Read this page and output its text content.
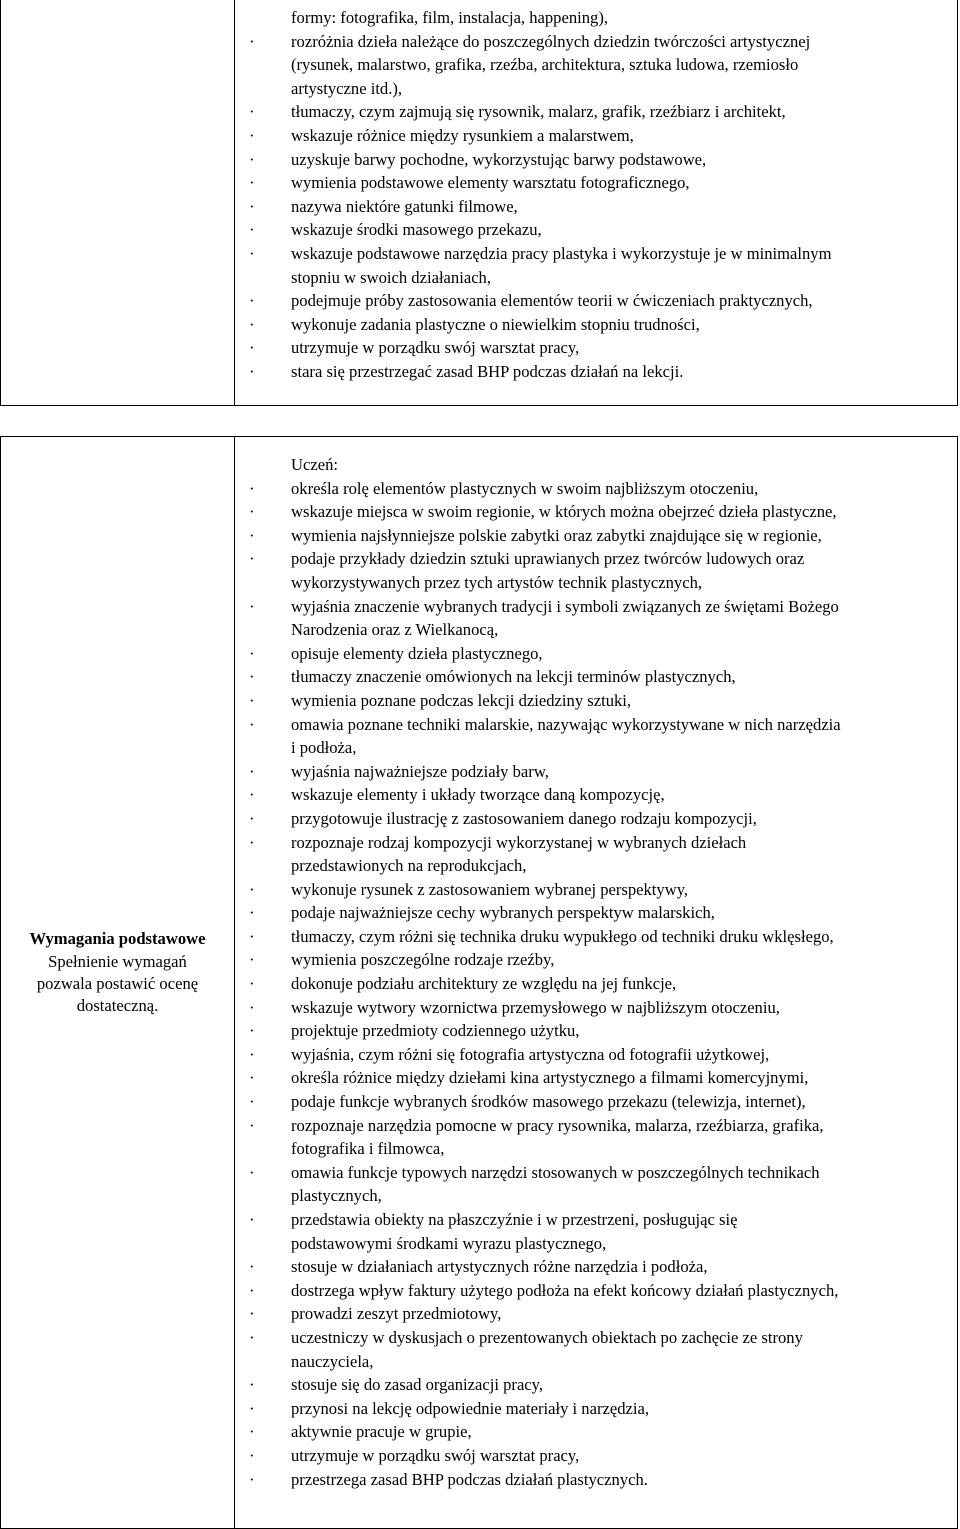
formy: fotografika, film, instalacja, happening),
· rozróżnia dzieła należące do poszczególnych dziedzin twórczości artystycznej
(rysunek, malarstwo, grafika, rzeźba, architektura, sztuka ludowa, rzemiosło
artystyczne itd.),
· tłumaczy, czym zajmują się rysownik, malarz, grafik, rzeźbiarz i architekt,
· wskazuje różnice między rysunkiem a malarstwem,
· uzyskuje barwy pochodne, wykorzystując barwy podstawowe,
· wymienia podstawowe elementy warsztatu fotograficznego,
· nazywa niektóre gatunki filmowe,
· wskazuje środki masowego przekazu,
· wskazuje podstawowe narzędzia pracy plastyka i wykorzystuje je w minimalnym
stopniu w swoich działaniach,
· podejmuje próby zastosowania elementów teorii w ćwiczeniach praktycznych,
· wykonuje zadania plastyczne o niewielkim stopniu trudności,
· utrzymuje w porządku swój warsztat pracy,
· stara się przestrzegać zasad BHP podczas działań na lekcji.
Wymagania podstawowe
Spełnienie wymagań
pozwala postawić ocenę
dostateczną.
Uczeń:
· określa rolę elementów plastycznych w swoim najbliższym otoczeniu,
· wskazuje miejsca w swoim regionie, w których można obejrzeć dzieła plastyczne,
· wymienia najsłynniejsze polskie zabytki oraz zabytki znajdujące się w regionie,
· podaje przykłady dziedzin sztuki uprawianych przez twórców ludowych oraz
wykorzystywanych przez tych artystów technik plastycznych,
· wyjaśnia znaczenie wybranych tradycji i symboli związanych ze świętami Bożego
Narodzenia oraz z Wielkanocą,
· opisuje elementy dzieła plastycznego,
· tłumaczy znaczenie omówionych na lekcji terminów plastycznych,
· wymienia poznane podczas lekcji dziedziny sztuki,
· omawia poznane techniki malarskie, nazywając wykorzystywane w nich narzędzia
i podłoża,
· wyjaśnia najważniejsze podziały barw,
· wskazuje elementy i układy tworzące daną kompozycję,
· przygotowuje ilustrację z zastosowaniem danego rodzaju kompozycji,
· rozpoznaje rodzaj kompozycji wykorzystanej w wybranych dziełach
przedstawionych na reprodukcjach,
· wykonuje rysunek z zastosowaniem wybranej perspektywy,
· podaje najważniejsze cechy wybranych perspektyw malarskich,
· tłumaczy, czym różni się technika druku wypukłego od techniki druku wklęsłego,
· wymienia poszczególne rodzaje rzeźby,
· dokonuje podziału architektury ze względu na jej funkcje,
· wskazuje wytwory wzornictwa przemysłowego w najbliższym otoczeniu,
· projektuje przedmioty codziennego użytku,
· wyjaśnia, czym różni się fotografia artystyczna od fotografii użytkowej,
· określa różnice między dziełami kina artystycznego a filmami komercyjnymi,
· podaje funkcje wybranych środków masowego przekazu (telewizja, internet),
· rozpoznaje narzędzia pomocne w pracy rysownika, malarza, rzeźbiarza, grafika,
fotografika i filmowca,
· omawia funkcje typowych narzędzi stosowanych w poszczególnych technikach
plastycznych,
· przedstawia obiekty na płaszczyźnie i w przestrzeni, posługując się
podstawowymi środkami wyrazu plastycznego,
· stosuje w działaniach artystycznych różne narzędzia i podłoża,
· dostrzega wpływ faktury użytego podłoża na efekt końcowy działań plastycznych,
· prowadzi zeszyt przedmiotowy,
· uczestniczy w dyskusjach o prezentowanych obiektach po zachęcie ze strony
nauczyciela,
· stosuje się do zasad organizacji pracy,
· przynosi na lekcję odpowiednie materiały i narzędzia,
· aktywnie pracuje w grupie,
· utrzymuje w porządku swój warsztat pracy,
· przestrzega zasad BHP podczas działań plastycznych.
